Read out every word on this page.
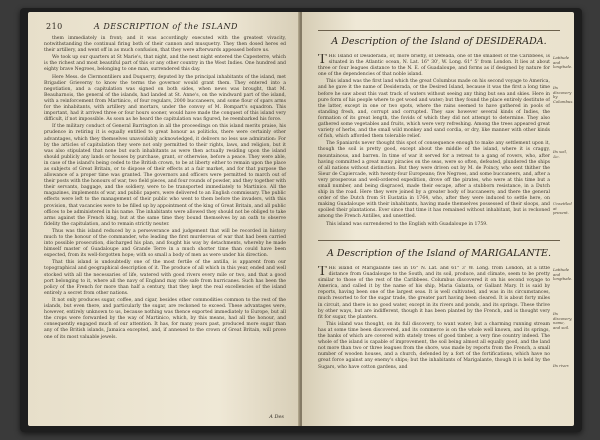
210	A DESCRIPTION of the ISLAND

them immediately in front; and it was accordingly executed with the greatest vivacity, notwithstanding the continual firing both of their cannon and musquetry. They then dosed heres ed their artillery, and went off in as much confusion, that they were afterwards appeased before us.

We took up our quarters at St Marie's, that night, and the next night entered the Capesterre, which is the richest and most beautiful part of this or any other country in the West Indies. One hundred and eighty brave Negroes, belonging to one man, surrendered this day.

Here Mess. de Clermontiliers and Duquerry, deputed by the principal inhabitants of the island, met Brigadier Grieverny to know the terms the governor would grant them. They entered into a negotiation, and a capitulation was signed on both sides, when news was brought, that M. Beauharnois, the general of the islands, had landed at St. Anne's, on the windward part of the island, with a reinforcement from Martinico, of four regulars, 2000 buccaneers, and some flour of spars arms for the inhabitants, with artillery and mortars, under the convoy of M. Bompart's squadron. This important, had it arrived three or four hours sooner, would have made the conquest of this island very difficult, if not impossible. As soon as he heard the capitulation was figured, he reembarked his force.

If the military conduct of General Barrington in all the proceedings on this island merits praise, his prudence in retiring it is equally entitled to great honour as politicks, there were certainly other advantages, which they themselves unavoidably acknowledged, it delivers no less use admiration: For by the articles of capitulation they were not only permitted to their rights, laws, and religion, but it was also stipulated that none but such inhabitants as were then actually residing upon the island should publicly any lands or houses by purchase, grant, or otherwise, before a peace. They were able, in case of the island's being ceded to the British crown, to be at liberty either to remain upon the place as subjects of Great Britain, or to dispose of their effects at a fair market, and for that purpose the allowance of a proper time was granted. The governors and officers were permitted to march out of their posts with the honours of war, two field pieces, and four rounds of powder, and they together with their servants, baggage, and the soldiery, were to be transported immediately to Martinico. All the magazines, implements of war, and public papers, were delivered to an English commissary. The public effects were left to the management of their public who went to them before the invaders, with this provision, that vacancies were to be filled up by appointment of the king of Great Britain, and all public offices to be administered in his name. The inhabitants were allowed they should not be obliged to take arms against the French king, but at the same time they bound themselves by an oath to observe fidelity the capitulation, and to remain strictly neuter.

Thus was this island reduced by a perseverance and judgement that will be recorded in history much to the honour of the commander, who leading the first murderous of war that had been carried into possible prosecution, discharged his plan, and fought his way by detachments, whereby he made himself master of Guadaloupe and Grande Terre in a much shorter time than could have been expected, from its well-forgotten hope; with so small a body of men as were under his direction.

That this island is undoubtedly one of the most fertile of the antilla, is apparent from our topographical and geographical description of it. The produce of all which in this year, ended and well stocked with all the necessaries of life, watered with good rivers every mile or two, and that a good port belonging to it, where all the navy of England may ride safe from hurricanes. Such has been the policy of the French for more than half a century, that they kept the real excellencies of the island entirely a secret from other nations.

It not only produces sugar, coffee, and cigar, besides other commodities common to the rest of the islands, but even there, and particularly the sugar, are reckoned to exceed. These advantages were, however, entirely unknown to us, because nothing was thence exported immediately to Europe, but all the crops were forwarded by the way of Martinico, which, by this means, had all the honour, and consequently engaged much of our attention. It has, for many years past, produced more sugar than any of the British islands, Jamaica excepted, and, if annexed to the crown of Great Britain, will prove one of its most valuable jewels.

A Des
A Description of the Island of DESIDERADA.

THE Island of Desiderada, or, more briefly, of Defeada, one of the smallest of the Caribbees, is situated in the Atlantic ocean, N. Lat. 16° 30', W. Long. 61° 5' from London. It lies at about three or four leagues distance to the N. E. of Guadaloupe, and forms as if designed by nature for one of the dependencies of that noble island.

This island was the first land which the great Columbus made on his second voyage to America, and he gave it the name of Desiderada, or the Desired Island, because it was the first a long time before he saw about this vast track of waters without seeing any thing but sea and skies. Here in pure form of his people where to get wood and water; but they found the place entirely destitute of the latter, except in one or two spots, where the rains seemed to have gathered in pools of standing fresh, and, corrupt and corrupted. They saw however several kinds of Indies, the formation of its great length, the fovids of which they did not attempt to determine. They also gathered some vegetables and fruits, which were very refreshing. Among the trees appeared great variety of herbs, and the small wild monkey and sand cordia, or dry, like manner with other kinds of fish, which afforded them tolerable relief.

The Spaniards never thought this spot of consequence enough to make any settlement upon it, though the soil is pretty good, except about the middle of the island, where it is craggy, mountainous, and barren. In time of war it served for a retreat to a gang of rovers, who, after having committed a great many piracies on the seas, were so often, defeated, plundered the ships of all nations without distinction. But they were driven out by M. de Poincy, who sent thither the Sieur de Capiercade, with twenty-four Europeans; five Negroes, and some buccaneers, and, after a very prosperous and well-ordered expedition, drove off the pirates, who were at this time but a small number, and being disgraced, made their escape, after a stubborn resistance, in a Dutch ship in the road. Here they were joined by a greater body of buccaneers; and there the general order of the Dutch from St Eustatia in 1764, who, after they were induced to settle here, on making Guadaloupe with their inhabitants, having made themselves possessed of their sloops, and spoiled their plantations. Ever since that time it has remained without inhabitant, but is reckoned among the French Antilles, and unsettled.

This island was surrendered to the English with Guadaloupe in 1759.

Latitude and longitude.
Its discovery by Columbus.
Its soil, &c.
Unsettled at present.
A Description of the Island of MARIGALANTE.

THE island of Marigalante lies in 16° N. Lat. and 61° 3' W. Long. from London, at a little distance from Guadaloupe to the South, and its soil, produce, and climate, seem to be pretty similar to those of the rest of the Caribbees. Columbus discovered it on his second voyage to America, and called it by the name of his ship, Maria Galanta, or Gallant Mary. It is said by reports, having been one of the largest seas. It is well cultivated, and was in its circumstances, much resorted to for the sugar trade, the greater part having been cleared. It is about forty miles in circuit, and there is no good water, except in its rivers and ponds, and its springs. These thrive by other ways, but are indifferent, though it has been planted by the French, and is thought very fit for sugar, the planters.

This island was thought, on its full discovery, to want water; but a charming running stream has at some time been discovered, and its commerce is on the whole well known, and its springs, the banks of which are covered with stately trees of good timber, a very fine country indeed. The whole of the island is capable of improvement, the soil being almost all equally good, and the land not more than two or three leagues from the shore, was made by reports from the French, a small number of wooden houses, and a church, defended by a fort of the fortifications, which have no great force against any enemy's ships; but the inhabitants of Marigalante, though it is held by the Sugars, who have cotton gardens, and

Latitude and longitude.
Its discovery, name, and soil.
Its river.
